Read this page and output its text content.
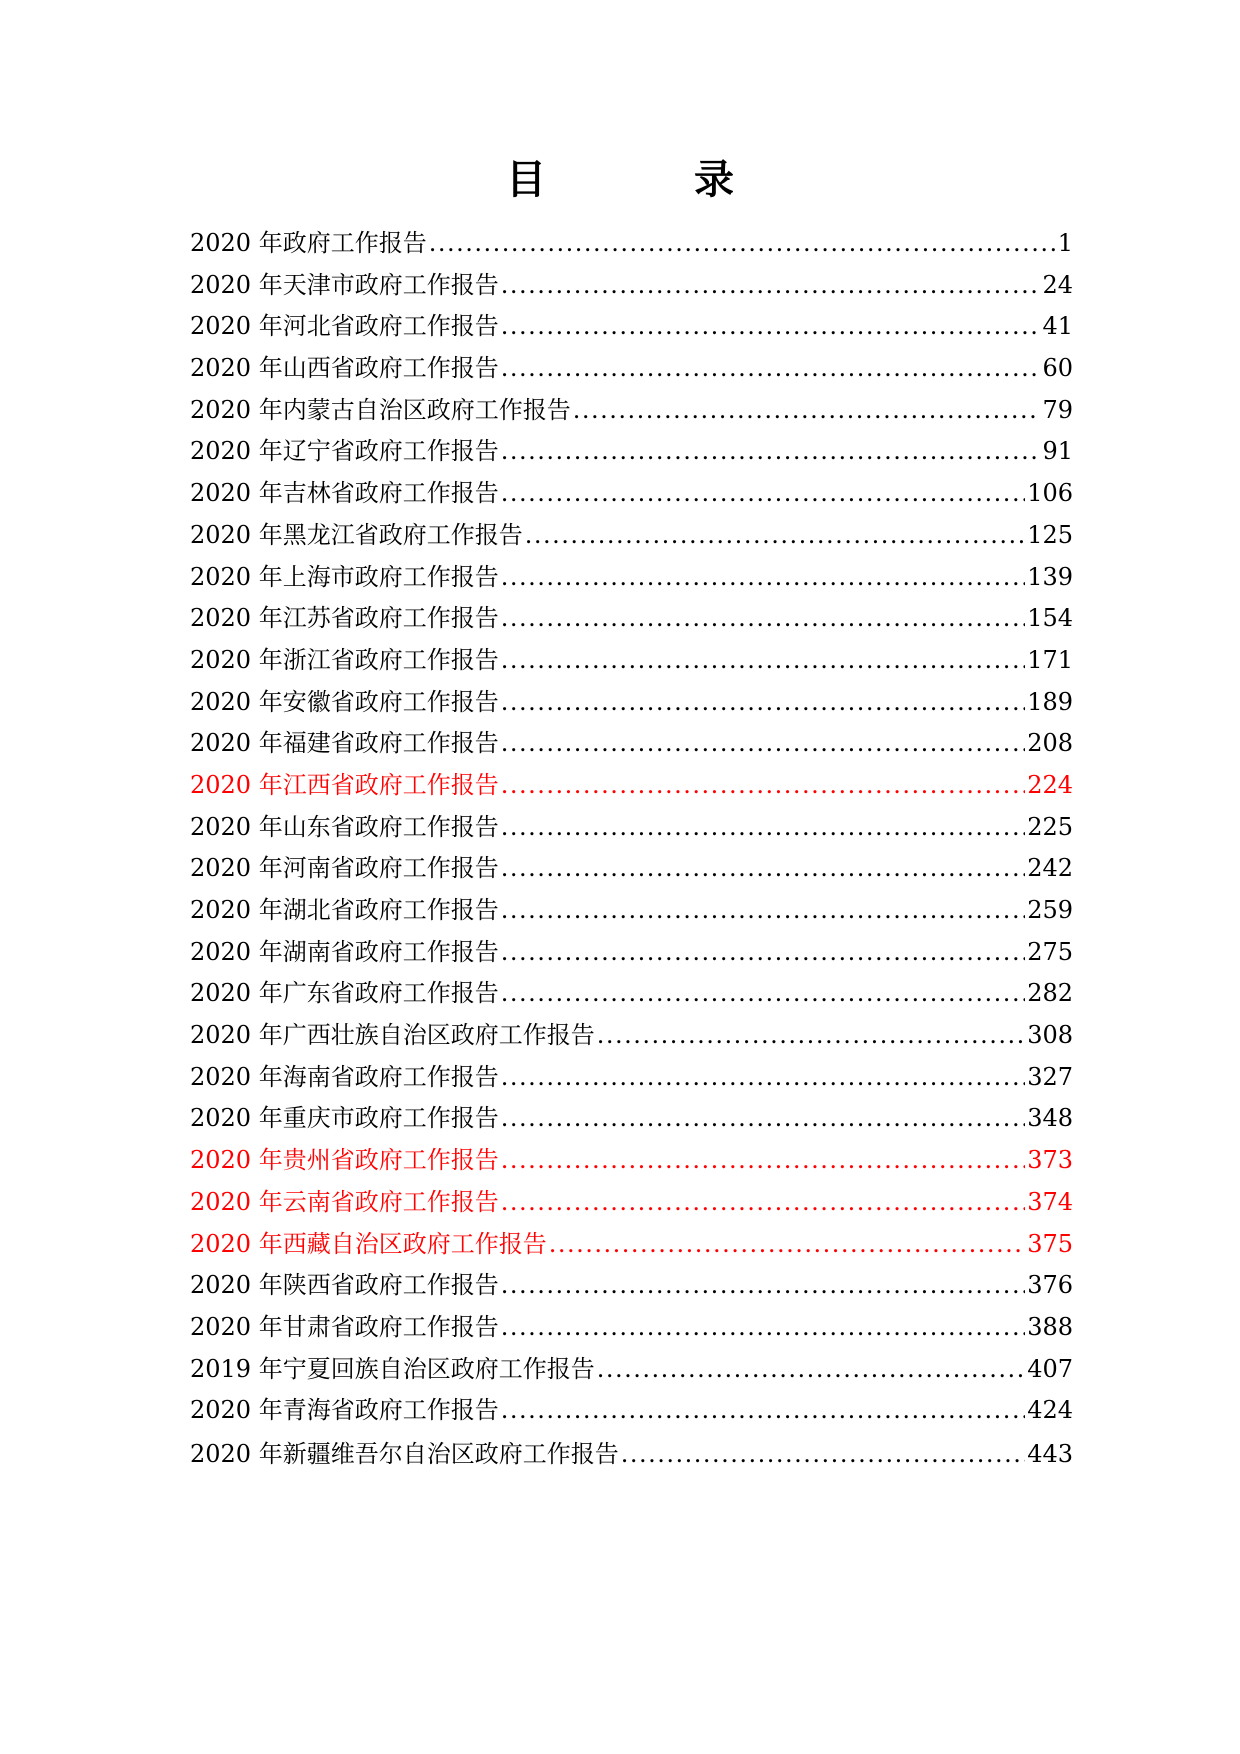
目　录
2020 年政府工作报告 .....	1
2020 年天津市政府工作报告 .....	24
2020 年河北省政府工作报告 .....	41
2020 年山西省政府工作报告 .....	60
2020 年内蒙古自治区政府工作报告 .....	79
2020 年辽宁省政府工作报告 .....	91
2020 年吉林省政府工作报告 .....	106
2020 年黑龙江省政府工作报告 .....	125
2020 年上海市政府工作报告 .....	139
2020 年江苏省政府工作报告 .....	154
2020 年浙江省政府工作报告 .....	171
2020 年安徽省政府工作报告 .....	189
2020 年福建省政府工作报告 .....	208
2020 年江西省政府工作报告 .....	224
2020 年山东省政府工作报告 .....	225
2020 年河南省政府工作报告 .....	242
2020 年湖北省政府工作报告 .....	259
2020 年湖南省政府工作报告 .....	275
2020 年广东省政府工作报告 .....	282
2020 年广西壮族自治区政府工作报告 .....	308
2020 年海南省政府工作报告 .....	327
2020 年重庆市政府工作报告 .....	348
2020 年贵州省政府工作报告 .....	373
2020 年云南省政府工作报告 .....	374
2020 年西藏自治区政府工作报告 .....	375
2020 年陕西省政府工作报告 .....	376
2020 年甘肃省政府工作报告 .....	388
2019 年宁夏回族自治区政府工作报告 .....	407
2020 年青海省政府工作报告 .....	424
2020 年新疆维吾尔自治区政府工作报告 .....	443
